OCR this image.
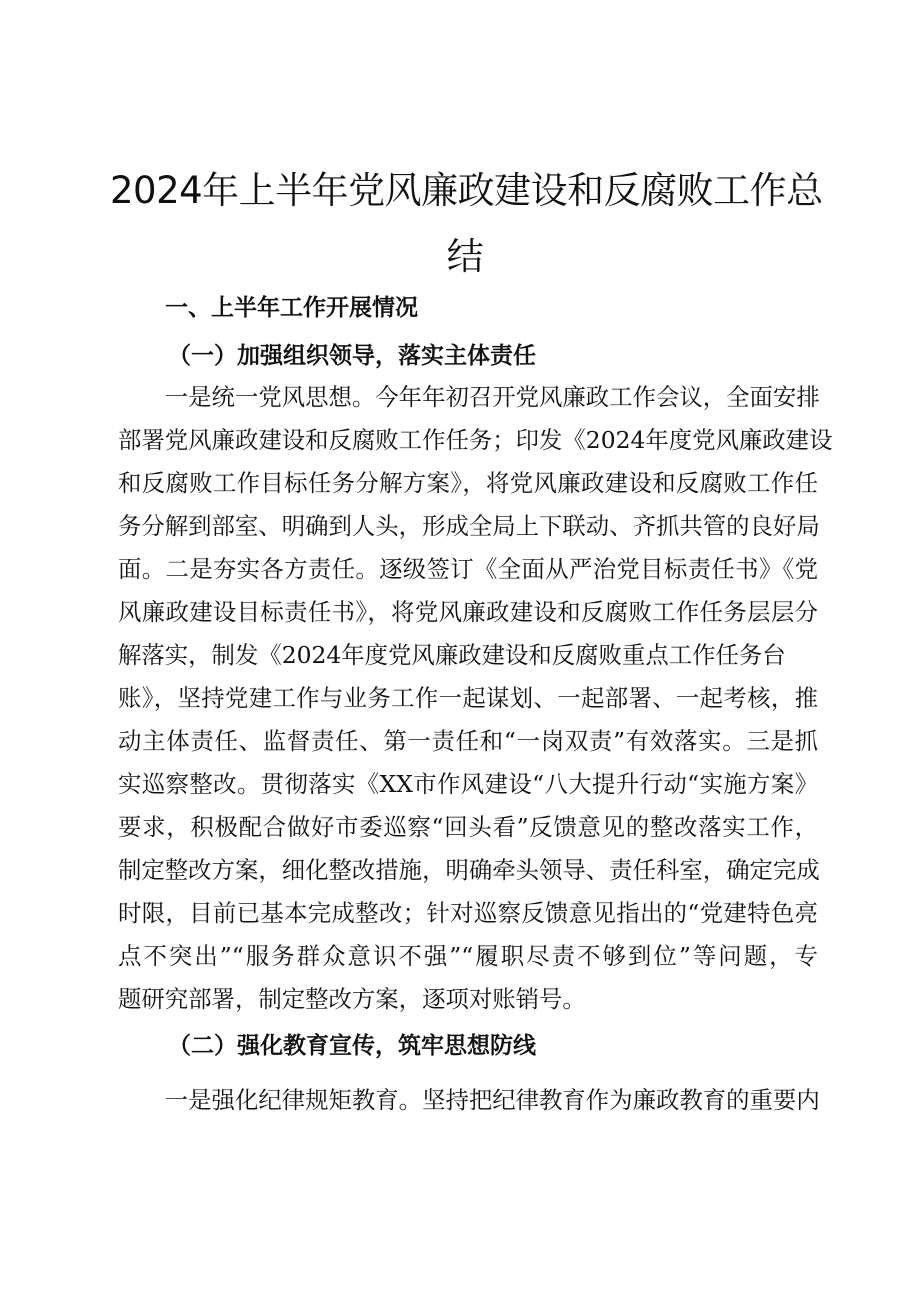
2024年上半年党风廉政建设和反腐败工作总
结
一、上半年工作开展情况
（一）加强组织领导，落实主体责任
　　一是统一党风思想。今年年初召开党风廉政工作会议，全面安排
部署党风廉政建设和反腐败工作任务；印发《2024年度党风廉政建设
和反腐败工作目标任务分解方案》，将党风廉政建设和反腐败工作任
务分解到部室、明确到人头，形成全局上下联动、齐抓共管的良好局
面。二是夯实各方责任。逐级签订《全面从严治党目标责任书》《党
风廉政建设目标责任书》，将党风廉政建设和反腐败工作任务层层分
解落实，制发《2024年度党风廉政建设和反腐败重点工作任务台
账》，坚持党建工作与业务工作一起谋划、一起部署、一起考核，推
动主体责任、监督责任、第一责任和“一岗双责”有效落实。三是抓
实巡察整改。贯彻落实《XX市作风建设“八大提升行动“实施方案》
要求，积极配合做好市委巡察“回头看”反馈意见的整改落实工作，
制定整改方案，细化整改措施，明确牵头领导、责任科室，确定完成
时限，目前已基本完成整改；针对巡察反馈意见指出的“党建特色亮
点不突出”“服务群众意识不强”“履职尽责不够到位”等问题，专
（二）强化教育宣传，筑牢思想防线
　　一是强化纪律规矩教育。坚持把纪律教育作为廉政教育的重要内
题研究部署，制定整改方案，逐项对账销号。
